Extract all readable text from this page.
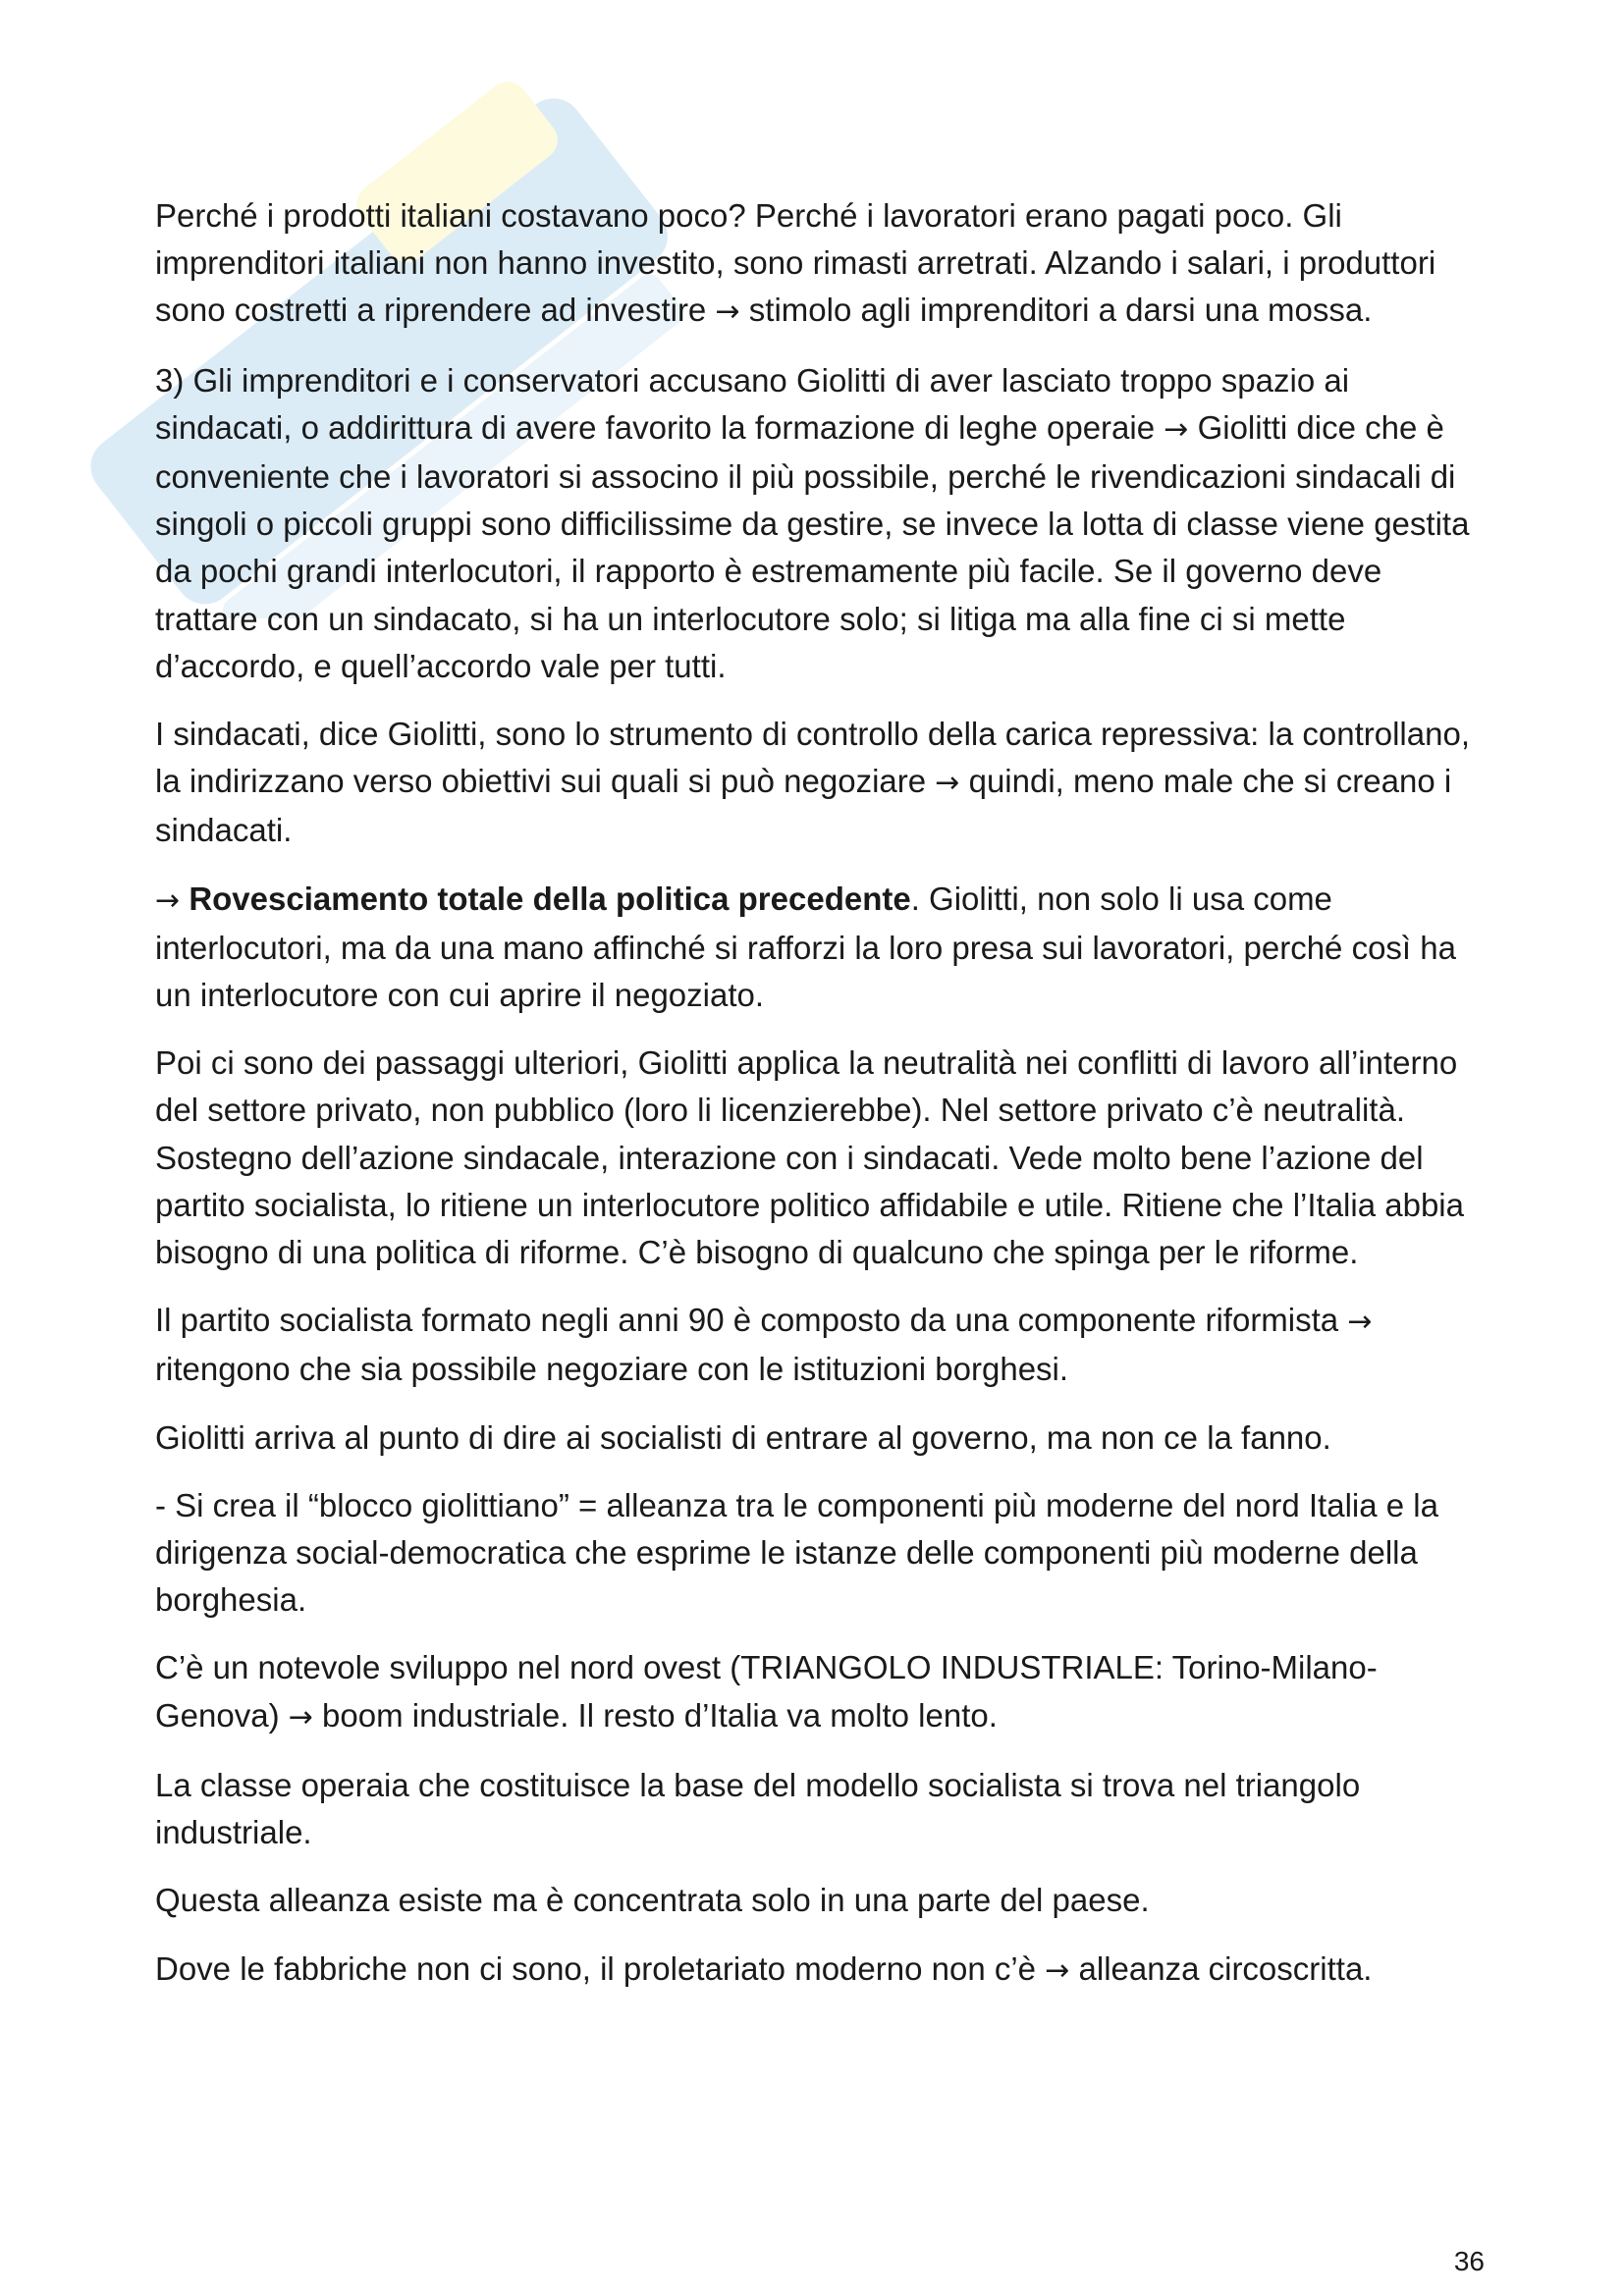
Perché i prodotti italiani costavano poco? Perché i lavoratori erano pagati poco. Gli imprenditori italiani non hanno investito, sono rimasti arretrati. Alzando i salari, i produttori sono costretti a riprendere ad investire → stimolo agli imprenditori a darsi una mossa.

3) Gli imprenditori e i conservatori accusano Giolitti di aver lasciato troppo spazio ai sindacati, o addirittura di avere favorito la formazione di leghe operaie → Giolitti dice che è conveniente che i lavoratori si associno il più possibile, perché le rivendicazioni sindacali di singoli o piccoli gruppi sono difficilissime da gestire, se invece la lotta di classe viene gestita da pochi grandi interlocutori, il rapporto è estremamente più facile. Se il governo deve trattare con un sindacato, si ha un interlocutore solo; si litiga ma alla fine ci si mette d’accordo, e quell’accordo vale per tutti.

I sindacati, dice Giolitti, sono lo strumento di controllo della carica repressiva: la controllano, la indirizzano verso obiettivi sui quali si può negoziare → quindi, meno male che si creano i sindacati.

→ Rovesciamento totale della politica precedente. Giolitti, non solo li usa come interlocutori, ma da una mano affinché si rafforzi la loro presa sui lavoratori, perché così ha un interlocutore con cui aprire il negoziato.

Poi ci sono dei passaggi ulteriori, Giolitti applica la neutralità nei conflitti di lavoro all’interno del settore privato, non pubblico (loro li licenzierebbe). Nel settore privato c’è neutralità. Sostegno dell’azione sindacale, interazione con i sindacati. Vede molto bene l’azione del partito socialista, lo ritiene un interlocutore politico affidabile e utile. Ritiene che l’Italia abbia bisogno di una politica di riforme. C’è bisogno di qualcuno che spinga per le riforme.

Il partito socialista formato negli anni 90 è composto da una componente riformista → ritengono che sia possibile negoziare con le istituzioni borghesi.

Giolitti arriva al punto di dire ai socialisti di entrare al governo, ma non ce la fanno.

- Si crea il “blocco giolittiano” = alleanza tra le componenti più moderne del nord Italia e la dirigenza social-democratica che esprime le istanze delle componenti più moderne della borghesia.

C’è un notevole sviluppo nel nord ovest (TRIANGOLO INDUSTRIALE: Torino-Milano-Genova) → boom industriale. Il resto d’Italia va molto lento.

La classe operaia che costituisce la base del modello socialista si trova nel triangolo industriale.

Questa alleanza esiste ma è concentrata solo in una parte del paese.

Dove le fabbriche non ci sono, il proletariato moderno non c’è → alleanza circoscritta.

36
